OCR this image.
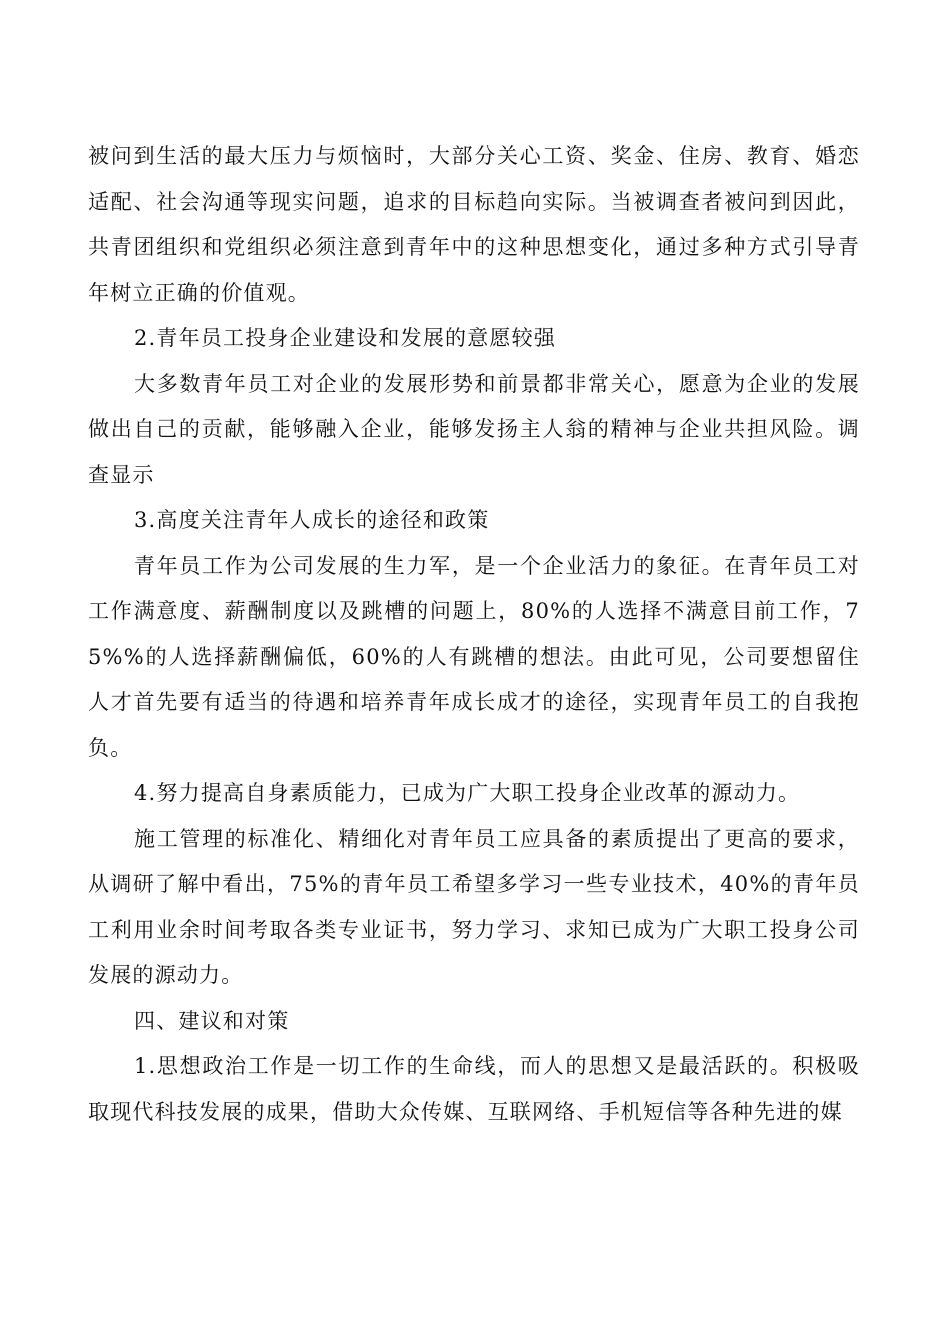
被问到生活的最大压力与烦恼时，大部分关心工资、奖金、住房、教育、婚恋适配、社会沟通等现实问题，追求的目标趋向实际。当被调查者被问到因此，共青团组织和党组织必须注意到青年中的这种思想变化，通过多种方式引导青年树立正确的价值观。

2.青年员工投身企业建设和发展的意愿较强

大多数青年员工对企业的发展形势和前景都非常关心，愿意为企业的发展做出自己的贡献，能够融入企业，能够发扬主人翁的精神与企业共担风险。调查显示

3.高度关注青年人成长的途径和政策

青年员工作为公司发展的生力军，是一个企业活力的象征。在青年员工对工作满意度、薪酬制度以及跳槽的问题上，80%的人选择不满意目前工作，75%%的人选择薪酬偏低，60%的人有跳槽的想法。由此可见，公司要想留住人才首先要有适当的待遇和培养青年成长成才的途径，实现青年员工的自我抱负。

4.努力提高自身素质能力，已成为广大职工投身企业改革的源动力。

施工管理的标准化、精细化对青年员工应具备的素质提出了更高的要求，从调研了解中看出，75%的青年员工希望多学习一些专业技术，40%的青年员工利用业余时间考取各类专业证书，努力学习、求知已成为广大职工投身公司发展的源动力。

四、建议和对策

1.思想政治工作是一切工作的生命线，而人的思想又是最活跃的。积极吸取现代科技发展的成果，借助大众传媒、互联网络、手机短信等各种先进的媒
